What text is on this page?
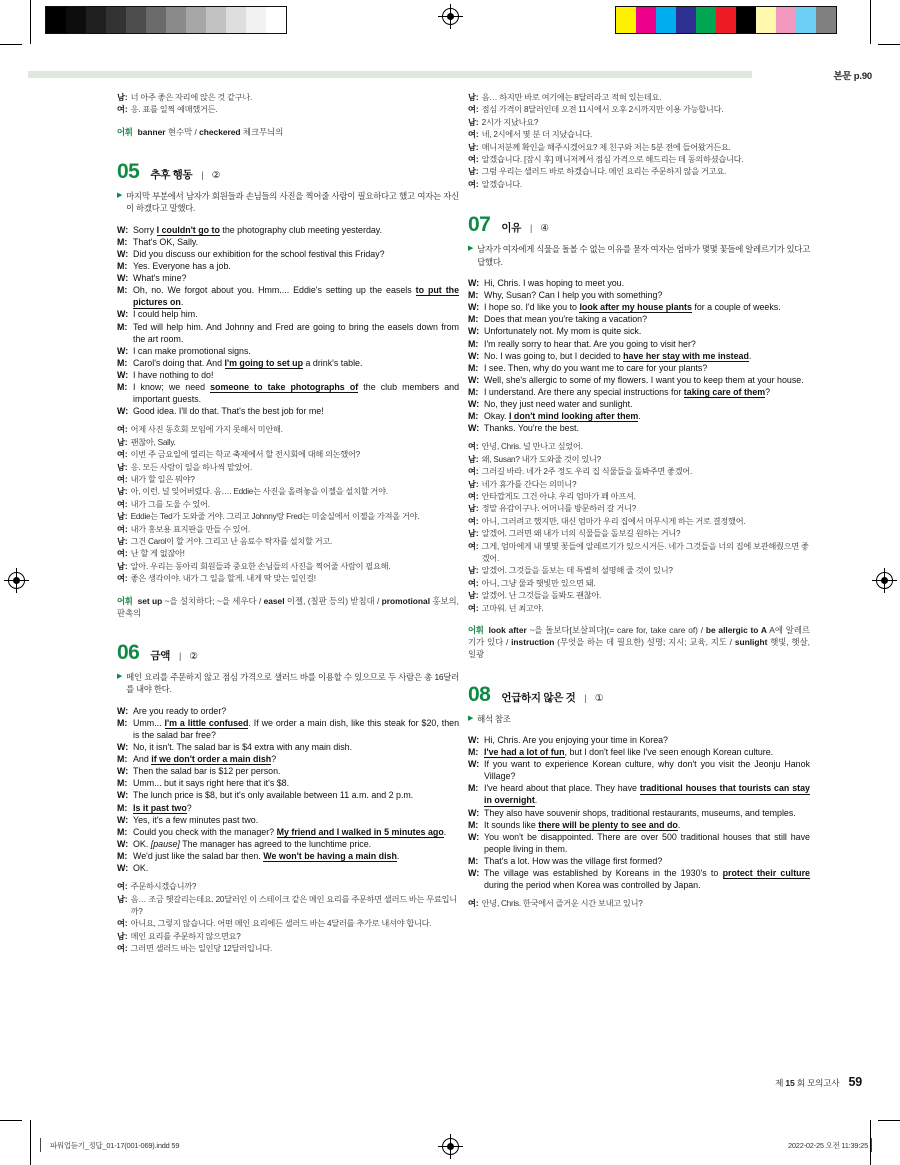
본문 p.90
남: 너 아주 좋은 자리에 앉은 것 같구나.
여: 응. 표를 일찍 예매했거든.
어휘 banner 현수막 / checkered 체크무늬의
05 추후 행동 | ②
▶ 마지막 부분에서 남자가 회원들과 손님들의 사진을 찍어줄 사람이 필요하다고 했고 여자는 자신이 하겠다고 말했다.
W: Sorry I couldn't go to the photography club meeting yesterday.
M: That's OK, Sally.
W: Did you discuss our exhibition for the school festival this Friday?
M: Yes. Everyone has a job.
W: What's mine?
M: Oh, no. We forgot about you. Hmm.... Eddie's setting up the easels to put the pictures on.
W: I could help him.
M: Ted will help him. And Johnny and Fred are going to bring the easels down from the art room.
W: I can make promotional signs.
M: Carol's doing that. And I'm going to set up a drink's table.
W: I have nothing to do!
M: I know; we need someone to take photographs of the club members and important guests.
W: Good idea. I'll do that. That's the best job for me!
여: 어제 사진 동호회 모임에 가지 못해서 미안해.
남: 괜찮아, Sally.
여: 이번 주 금요일에 열리는 학교 축제에서 할 전시회에 대해 의논했어?
남: 응. 모든 사람이 일을 하나씩 맡았어.
여: 내가 할 일은 뭐야?
남: 아, 이런. 널 잊어버렸다. 음…. Eddie는 사진을 올려놓을 이젤을 설치할 거야.
여: 내가 그를 도울 수 있어.
남: Eddie는 Ted가 도와줄 거야. 그리고 Johnny랑 Fred는 미술실에서 이젤을 가져올 거야.
여: 내가 홍보용 표지판을 만들 수 있어.
남: 그건 Carol이 할 거야. 그리고 난 음료수 탁자를 설치할 거고.
여: 난 할 게 없잖아!
남: 알아. 우리는 동아리 회원들과 중요한 손님들의 사진을 찍어줄 사람이 필요해.
여: 좋은 생각이야. 내가 그 일을 할게. 내게 딱 맞는 일인걸!
어휘 set up ~을 설치하다; ~을 세우다 / easel 이젤, (칠판 등의) 받침대 / promotional 홍보의, 판촉의
06 금액 | ②
▶ 메인 요리를 주문하지 않고 점심 가격으로 샐러드 바를 이용할 수 있으므로 두 사람은 총 16달러를 내야 한다.
W: Are you ready to order?
M: Umm... I'm a little confused. If we order a main dish, like this steak for $20, then is the salad bar free?
W: No, it isn't. The salad bar is $4 extra with any main dish.
M: And if we don't order a main dish?
W: Then the salad bar is $12 per person.
M: Umm... but it says right here that it's $8.
W: The lunch price is $8, but it's only available between 11 a.m. and 2 p.m.
M: Is it past two?
W: Yes, it's a few minutes past two.
M: Could you check with the manager? My friend and I walked in 5 minutes ago.
W: OK. [pause] The manager has agreed to the lunchtime price.
M: We'd just like the salad bar then. We won't be having a main dish.
W: OK.
여: 주문하시겠습니까?
남: 음… 조금 헷갈리는데요. 20달러인 이 스테이크 같은 메인 요리를 주문하면 샐러드 바는 무료입니까?
여: 아니요, 그렇지 않습니다. 어떤 메인 요리에든 샐러드 바는 4달러를 추가로 내셔야 합니다.
남: 메인 요리를 주문하지 않으면요?
여: 그러면 샐러드 바는 일인당 12달러입니다.
남: 음… 하지만 바로 여기에는 8달러라고 적혀 있는데요.
여: 점심 가격이 8달러인데 오전 11시에서 오후 2시까지만 이용 가능합니다.
남: 2시가 지났나요?
여: 네, 2시에서 몇 분 더 지났습니다.
남: 매니저분께 확인을 해주시겠어요? 제 친구와 저는 5분 전에 들어왔거든요.
여: 알겠습니다. [잠시 후] 매니저께서 점심 가격으로 해드리는 데 동의하셨습니다.
남: 그럼 우리는 샐러드 바로 하겠습니다. 메인 요리는 주문하지 않을 거고요.
여: 알겠습니다.
07 이유 | ④
▶ 남자가 여자에게 식물을 돌볼 수 없는 이유를 묻자 여자는 엄마가 몇몇 꽃들에 알레르기가 있다고 답했다.
W: Hi, Chris. I was hoping to meet you.
M: Why, Susan? Can I help you with something?
W: I hope so. I'd like you to look after my house plants for a couple of weeks.
M: Does that mean you're taking a vacation?
W: Unfortunately not. My mom is quite sick.
M: I'm really sorry to hear that. Are you going to visit her?
W: No. I was going to, but I decided to have her stay with me instead.
M: I see. Then, why do you want me to care for your plants?
W: Well, she's allergic to some of my flowers. I want you to keep them at your house.
M: I understand. Are there any special instructions for taking care of them?
W: No, they just need water and sunlight.
M: Okay. I don't mind looking after them.
W: Thanks. You're the best.
여: 안녕, Chris. 널 만나고 싶었어.
남: 왜, Susan? 내가 도와줄 것이 있니?
여: 그러길 바라. 네가 2주 정도 우리 집 식물들을 돌봐주면 좋겠어.
남: 네가 휴가를 간다는 의미니?
여: 안타깝게도 그건 아냐. 우리 엄마가 꽤 아프셔.
남: 정말 유감이구나. 어머니를 방문하러 갈 거니?
여: 아니, 그러려고 했지만, 대신 엄마가 우리 집에서 머무시게 하는 거로 결정했어.
남: 알겠어. 그러면 왜 내가 너의 식물들을 돌보길 원하는 거니?
여: 그게, 엄마에게 내 몇몇 꽃들에 알레르기가 있으시거든. 네가 그것들을 너의 집에 보관해줬으면 좋겠어.
남: 알겠어. 그것들을 돌보는 데 특별히 설명해 줄 것이 있니?
여: 아니, 그냥 물과 햇빛만 있으면 돼.
남: 알겠어. 난 그것들을 돌봐도 괜찮아.
여: 고마워. 넌 최고야.
어휘 look after ~을 돌보다[보살피다](= care for, take care of) / be allergic to A A에 알레르기가 있다 / instruction (무엇을 하는 데 필요한) 설명; 지시; 교육, 지도 / sunlight 햇빛, 햇살, 일광
08 언급하지 않은 것 | ①
▶ 해석 참조
W: Hi, Chris. Are you enjoying your time in Korea?
M: I've had a lot of fun, but I don't feel like I've seen enough Korean culture.
W: If you want to experience Korean culture, why don't you visit the Jeonju Hanok Village?
M: I've heard about that place. They have traditional houses that tourists can stay in overnight.
W: They also have souvenir shops, traditional restaurants, museums, and temples.
M: It sounds like there will be plenty to see and do.
W: You won't be disappointed. There are over 500 traditional houses that still have people living in them.
M: That's a lot. How was the village first formed?
W: The village was established by Koreans in the 1930's to protect their culture during the period when Korea was controlled by Japan.
여: 안녕, Chris. 한국에서 즐거운 시간 보내고 있니?
제 15 회 모의고사 59
파워업듣기_정답_01-17(001-069).indd 59	2022-02-25 오전 11:39:25
